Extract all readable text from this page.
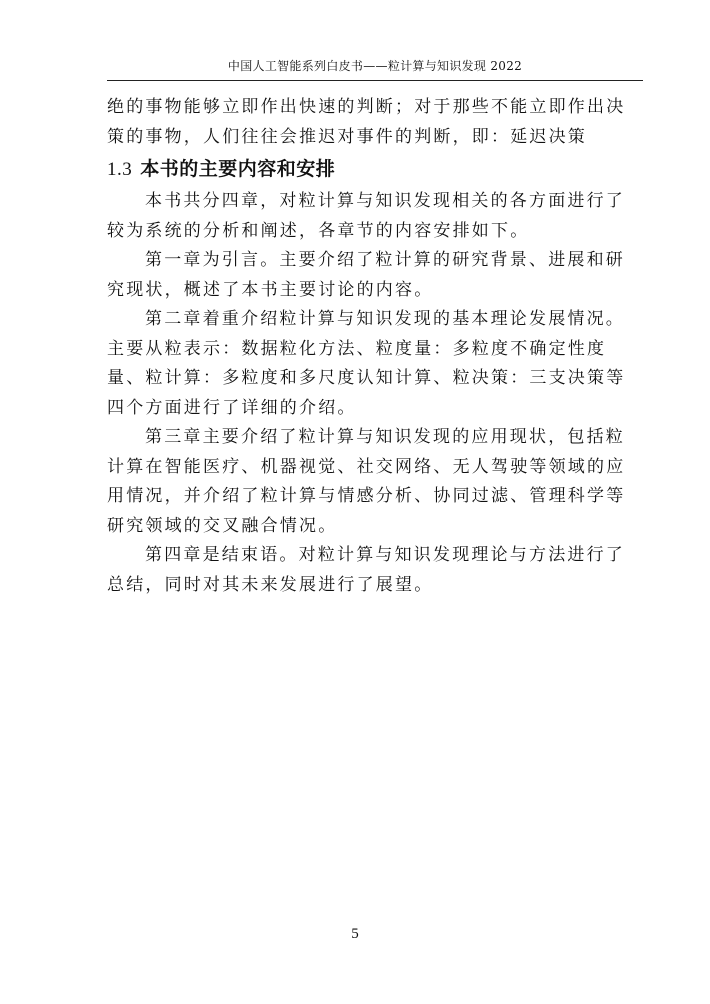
中国人工智能系列白皮书——粒计算与知识发现 2022

绝的事物能够立即作出快速的判断；对于那些不能立即作出决策的事物，人们往往会推迟对事件的判断，即：延迟决策

1.3 本书的主要内容和安排

本书共分四章，对粒计算与知识发现相关的各方面进行了较为系统的分析和阐述，各章节的内容安排如下。

第一章为引言。主要介绍了粒计算的研究背景、进展和研究现状，概述了本书主要讨论的内容。

第二章着重介绍粒计算与知识发现的基本理论发展情况。主要从粒表示：数据粒化方法、粒度量：多粒度不确定性度量、粒计算：多粒度和多尺度认知计算、粒决策：三支决策等四个方面进行了详细的介绍。

第三章主要介绍了粒计算与知识发现的应用现状，包括粒计算在智能医疗、机器视觉、社交网络、无人驾驶等领域的应用情况，并介绍了粒计算与情感分析、协同过滤、管理科学等研究领域的交叉融合情况。

第四章是结束语。对粒计算与知识发现理论与方法进行了总结，同时对其未来发展进行了展望。

5
